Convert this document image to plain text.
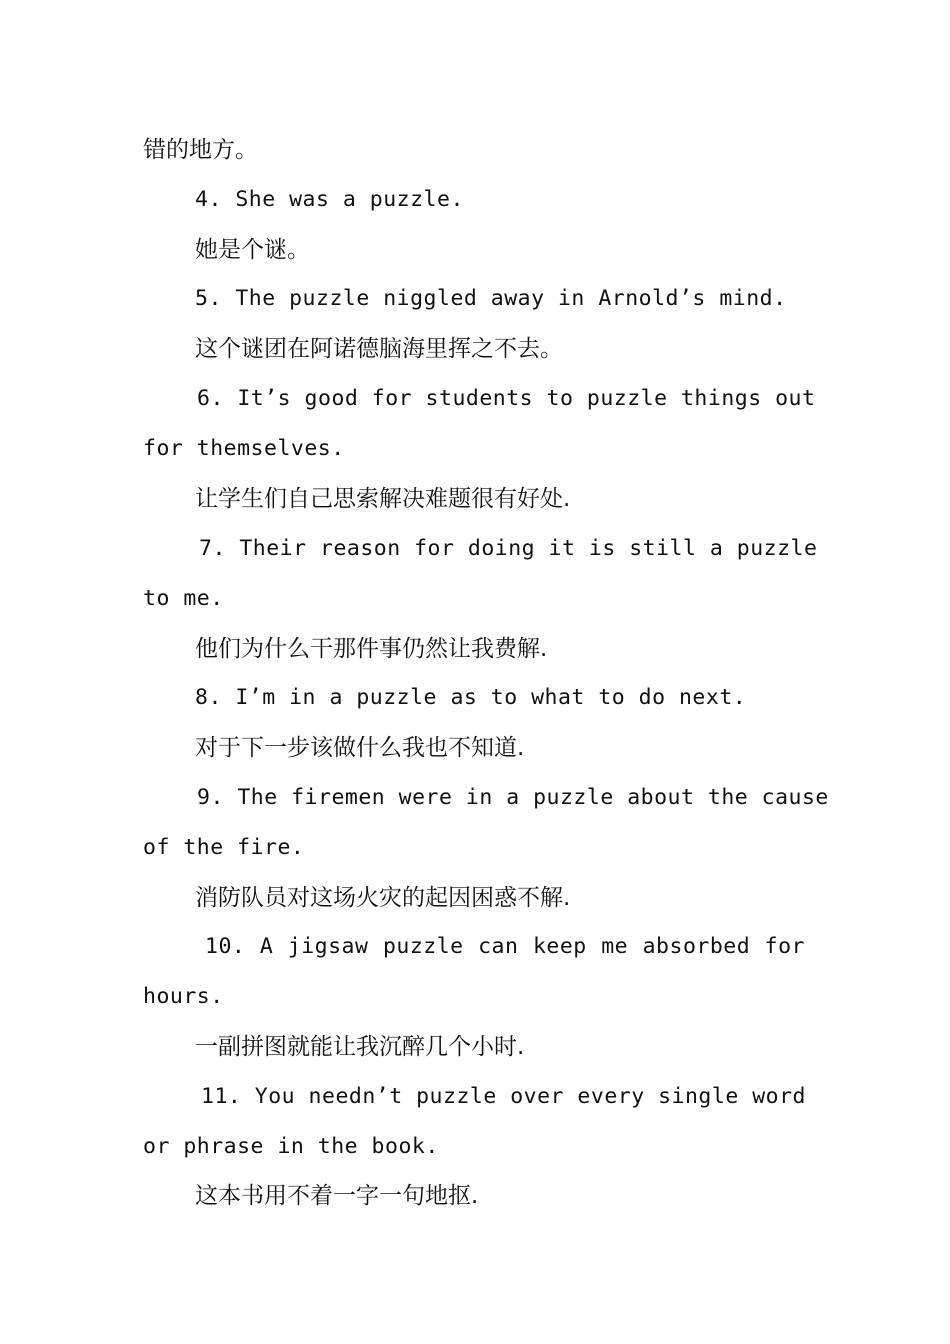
错的地方。
4. She was a puzzle.
她是个谜。
5. The puzzle niggled away in Arnold’s mind.
这个谜团在阿诺德脑海里挥之不去。
6. It’s good for students to puzzle things out
for themselves.
让学生们自己思索解决难题很有好处.
7. Their reason for doing it is still a puzzle
to me.
他们为什么干那件事仍然让我费解.
8. I’m in a puzzle as to what to do next.
对于下一步该做什么我也不知道.
9. The firemen were in a puzzle about the cause
of the fire.
消防队员对这场火灾的起因困惑不解.
10. A jigsaw puzzle can keep me absorbed for
hours.
一副拼图就能让我沉醉几个小时.
11. You needn’t puzzle over every single word
or phrase in the book.
这本书用不着一字一句地抠.
